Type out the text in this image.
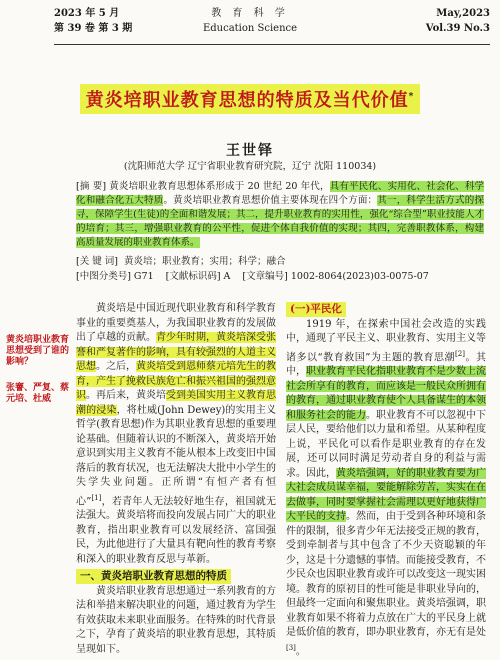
2023 年 5 月
第 39 卷 第 3 期
教 育 科 学
Education Science
May,2023
Vol.39 No.3
黄炎培职业教育思想的特质及当代价值*
王世铎
(沈阳师范大学 辽宁省职业教育研究院，辽宁 沈阳 110034)
[摘 要] 黄炎培职业教育思想体系形成于 20 世纪 20 年代，具有平民化、实用化、社会化、科学化和融合化五大特质。黄炎培职业教育思想价值主要体现在四个方面：其一，科学生活方式的探寻，保障学生(生徒)的全面和谐发展；其二，提升职业教育的实用性，强化“综合型”职业技能人才的培育；其三，增强职业教育的公平性，促进个体自我价值的实现；其四，完善职教体系，构建高质量发展的职业教育体系。
[关 键 词] 黄炎培；职业教育；实用；科学；融合
[中图分类号] G71 [文献标识码] A [文章编号] 1002-8064(2023)03-0075-07
黄炎培职业教育思想受到了谁的影响？
张謇、严复、蔡元培、杜威

黄炎培是中国近现代职业教育和科学教育事业的重要奠基人，为我国职业教育的发展做出了卓越的贡献。青少年时期，黄炎培深受张謇和严复著作的影响，具有较强烈的人道主义思想。之后，黄炎培受到恩师蔡元培先生的教育，产生了挽救民族危亡和振兴祖国的强烈意识。再后来，黄炎培受到美国实用主义教育思潮的浸染，将杜威(John Dewey)的实用主义哲学(教育思想)作为其职业教育思想的重要理论基础。但随着认识的不断深入，黄炎培开始意识到实用主义教育不能从根本上改变旧中国落后的教育状况，也无法解决大批中小学生的失学失业问题。正所谓“有恒产者有恒心”[1]，若青年人无法较好地生存，祖国就无法强大。黄炎培将而投向发展占同广大的职业教育，指出职业教育可以发展经济、富国强民，为此他进行了大量具有靶向性的教育考察和深入的职业教育反思与革新。

一、黄炎培职业教育思想的特质

黄炎培职业教育思想通过一系列教育的方法和举措来解决职业的问题，通过教育为学生有效获取未来职业面服务。在特殊的时代背景之下，孕育了黄炎培的职业教育思想，其特质呈现如下。

(一)平民化

1919 年，在探索中国社会改造的实践中，通现了平民主义、职业教育、实用主义等诸多以“教育救国”为主题的教育思潮[2]。其中，职业教育平民化指职业教育不是少数上流社会所享有的教育，而应该是一般民众所拥有的教育，通过职业教育使个人具备谋生的本领和服务社会的能力。职业教育不可以忽视中下层人民，要给他们以力量和希望。从某种程度上说，平民化可以看作是职业教育的存在发展，还可以同时满足劳动者自身的利益与需求。因此，黄炎培强调，好的职业教育要为广大社会成员谋幸福，要能解除劳苦，实实在在去做事，同时要掌握社会需理以更好地获得广大平民的支持。然而，由于受到各种环境和条件的限制，很多青少年无法接受正规的教育，受到牵制者与其中包含了不少天资聪颖的年少，这是十分遗憾的事情。而能接受教育，不少民众也因职业教育或许可以改变这一现实困境。教育的原初目的性可能是非职业导向的，但最终一定面向和聚焦职业。黄炎培强调，职业教育如果不将着力点放在广大的平民身上就是低价值的教育，即办职业教育，亦无有是处[3]。
